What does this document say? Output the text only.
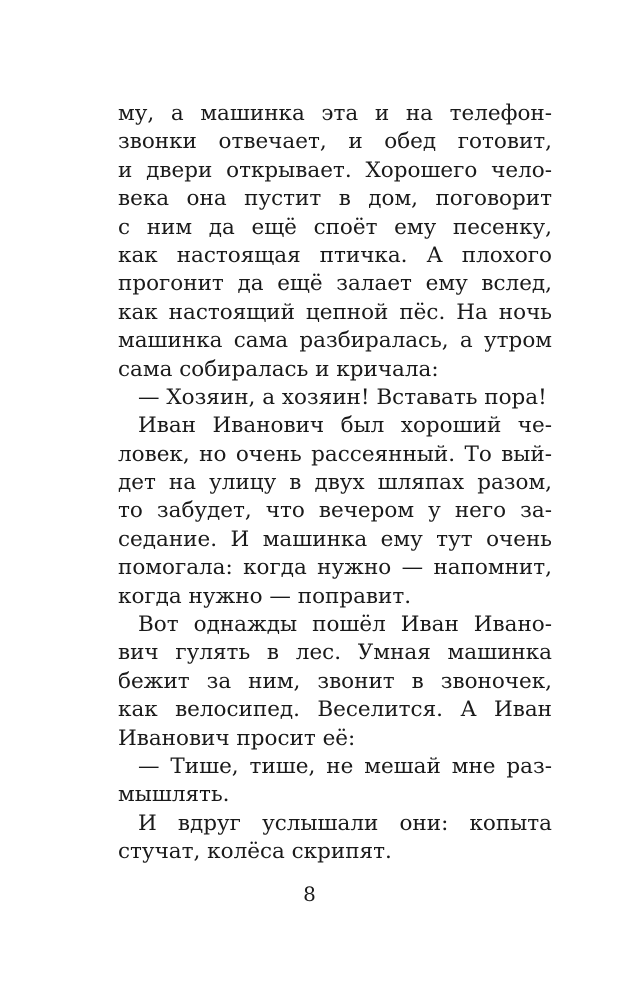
му, а машинка эта и на телефон-
звонки отвечает, и обед готовит,
и двери открывает. Хорошего чело-
века она пустит в дом, поговорит
с ним да ещё споёт ему песенку,
как настоящая птичка. А плохого
прогонит да ещё залает ему вслед,
как настоящий цепной пёс. На ночь
машинка сама разбиралась, а утром
сама собиралась и кричала:
— Хозяин, а хозяин! Вставать пора!
Иван Иванович был хороший че-
ловек, но очень рассеянный. То вый-
дет на улицу в двух шляпах разом,
то забудет, что вечером у него за-
седание. И машинка ему тут очень
помогала: когда нужно — напомнит,
когда нужно — поправит.
Вот однажды пошёл Иван Ивано-
вич гулять в лес. Умная машинка
бежит за ним, звонит в звоночек,
как велосипед. Веселится. А Иван
Иванович просит её:
— Тише, тише, не мешай мне раз-
мышлять.
И вдруг услышали они: копыта
стучат, колёса скрипят.
8
